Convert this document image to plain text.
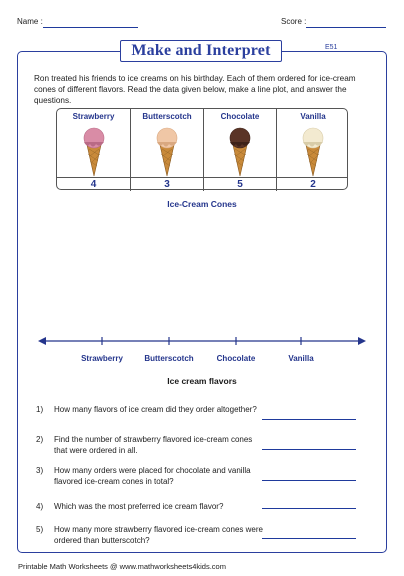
Name :	Score :
Make and Interpret	E51
Ron treated his friends to ice creams on his birthday. Each of them ordered for ice-cream cones of different flavors. Read the data given below, make a line plot, and answer the questions.
Strawberry
4
Butterscotch
3
Chocolate
5
Vanilla
2
Ice-Cream Cones
Strawberry	Butterscotch	Chocolate	Vanilla
Ice cream flavors
1)	How many flavors of ice cream did they order altogether?
2)	Find the number of strawberry flavored ice-cream cones that were ordered in all.
3)	How many orders were placed for chocolate and vanilla flavored ice-cream cones in total?
4)	Which was the most preferred ice cream flavor?
5)	How many more strawberry flavored ice-cream cones were ordered than butterscotch?
Printable Math Worksheets @ www.mathworksheets4kids.com
